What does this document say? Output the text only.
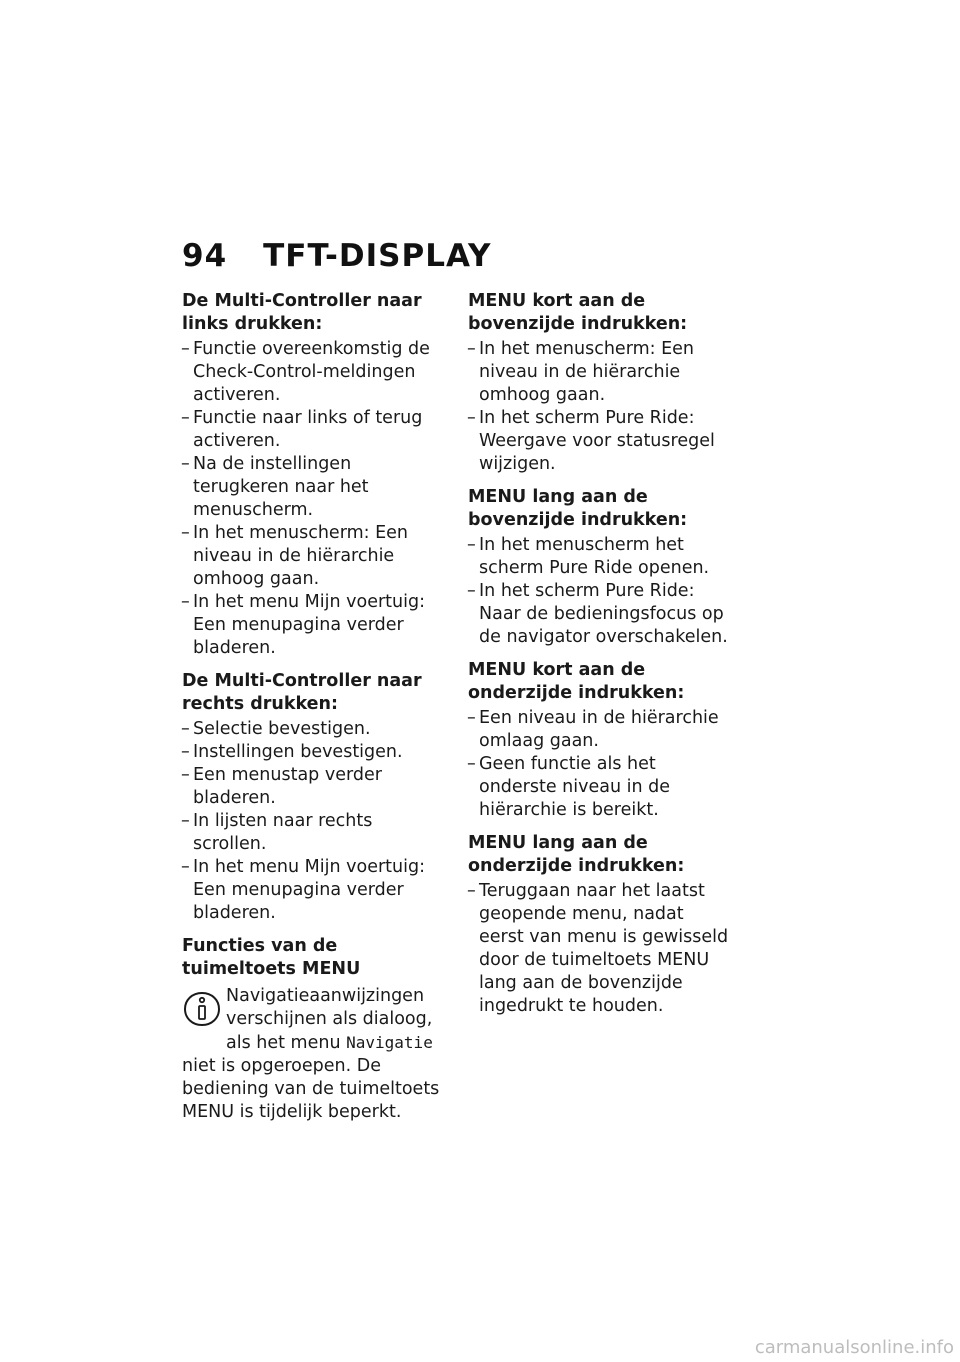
94 TFT-DISPLAY
De Multi-Controller naar links drukken:
– Functie overeenkomstig de Check-Control-meldingen activeren.
– Functie naar links of terug activeren.
– Na de instellingen terugkeren naar het menuscherm.
– In het menuscherm: Een niveau in de hiërarchie omhoog gaan.
– In het menu Mijn voertuig: Een menupagina verder bladeren.
De Multi-Controller naar rechts drukken:
– Selectie bevestigen.
– Instellingen bevestigen.
– Een menustap verder bladeren.
– In lijsten naar rechts scrollen.
– In het menu Mijn voertuig: Een menupagina verder bladeren.
Functies van de tuimeltoets MENU
Navigatieaanwijzingen verschijnen als dialoog, als het menu Navigatie niet is opgeroepen. De bediening van de tuimeltoets MENU is tijdelijk beperkt.
MENU kort aan de bovenzijde indrukken:
– In het menuscherm: Een niveau in de hiërarchie omhoog gaan.
– In het scherm Pure Ride: Weergave voor statusregel wijzigen.
MENU lang aan de bovenzijde indrukken:
– In het menuscherm het scherm Pure Ride openen.
– In het scherm Pure Ride: Naar de bedieningsfocus op de navigator overschakelen.
MENU kort aan de onderzijde indrukken:
– Een niveau in de hiërarchie omlaag gaan.
– Geen functie als het onderste niveau in de hiërarchie is bereikt.
MENU lang aan de onderzijde indrukken:
– Teruggaan naar het laatst geopende menu, nadat eerst van menu is gewisseld door de tuimeltoets MENU lang aan de bovenzijde ingedrukt te houden.
carmanualsonline.info
